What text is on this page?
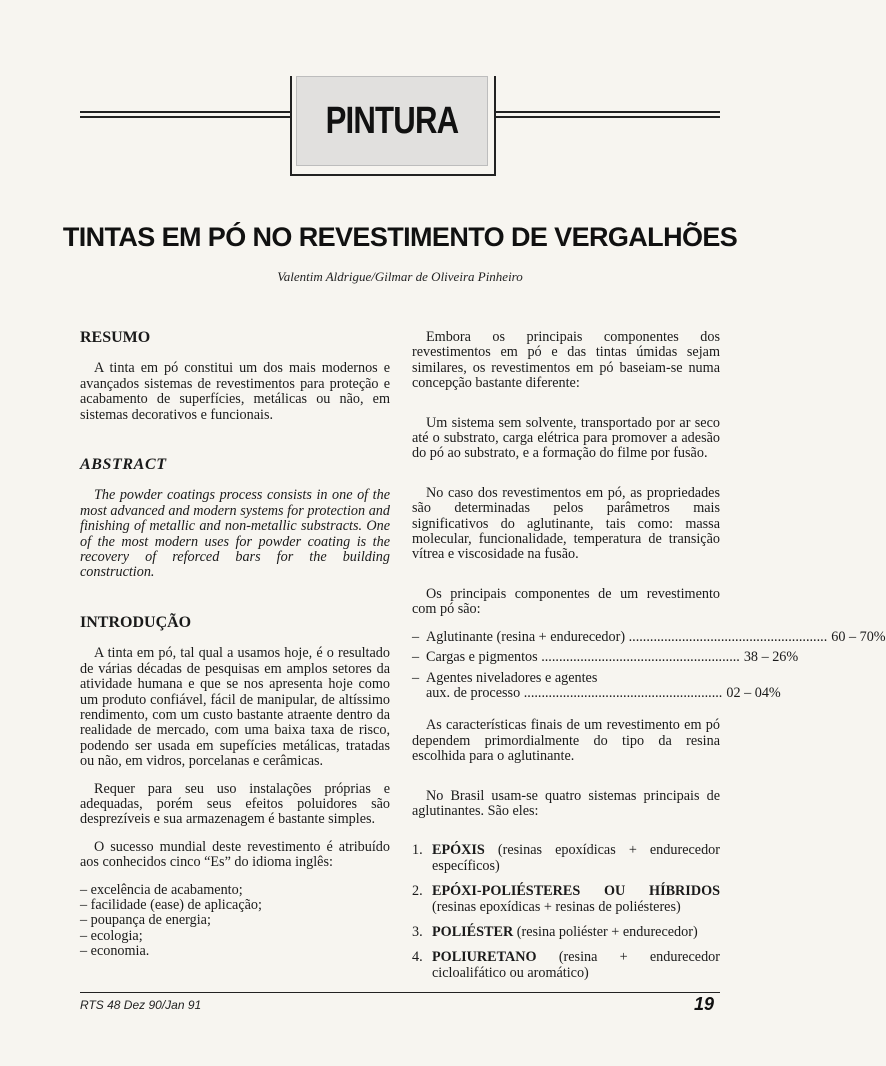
PINTURA
TINTAS EM PÓ NO REVESTIMENTO DE VERGALHÕES
Valentim Aldrigue/Gilmar de Oliveira Pinheiro
RESUMO

A tinta em pó constitui um dos mais modernos e avançados sistemas de revestimentos para proteção e acabamento de superfícies, metálicas ou não, em sistemas decorativos e funcionais.

ABSTRACT

The powder coatings process consists in one of the most advanced and modern systems for protection and finishing of metallic and non-metallic substracts. One of the most modern uses for powder coating is the recovery of reforced bars for the building construction.

INTRODUÇÃO

A tinta em pó, tal qual a usamos hoje, é o resultado de várias décadas de pesquisas em amplos setores da atividade humana e que se nos apresenta hoje como um produto confiável, fácil de manipular, de altíssimo rendimento, com um custo bastante atraente dentro da realidade de mercado, com uma baixa taxa de risco, podendo ser usada em supefícies metálicas, tratadas ou não, em vidros, porcelanas e cerâmicas.

Requer para seu uso instalações próprias e adequadas, porém seus efeitos poluidores são desprezíveis e sua armazenagem é bastante simples.

O sucesso mundial deste revestimento é atribuído aos conhecidos cinco “Es” do idioma inglês:

– excelência de acabamento;
– facilidade (ease) de aplicação;
– poupança de energia;
– ecologia;
– economia.

Embora os principais componentes dos revestimentos em pó e das tintas úmidas sejam similares, os revestimentos em pó baseiam-se numa concepção bastante diferente:

Um sistema sem solvente, transportado por ar seco até o substrato, carga elétrica para promover a adesão do pó ao substrato, e a formação do filme por fusão.

No caso dos revestimentos em pó, as propriedades são determinadas pelos parâmetros mais significativos do aglutinante, tais como: massa molecular, funcionalidade, temperatura de transição vítrea e viscosidade na fusão.

Os principais componentes de um revestimento com pó são:

– Aglutinante (resina + endurecedor) .....	60 – 70%
– Cargas e pigmentos .....	38 – 26%
– Agentes niveladores e agentes
aux. de processo .....	02 – 04%

As características finais de um revestimento em pó dependem primordialmente do tipo da resina escolhida para o aglutinante.

No Brasil usam-se quatro sistemas principais de aglutinantes. São eles:

1. EPÓXIS (resinas epoxídicas + endurecedor específicos)
2. EPÓXI-POLIÉSTERES OU HÍBRIDOS (resinas epoxídicas + resinas de poliésteres)
3. POLIÉSTER (resina poliéster + endurecedor)
4. POLIURETANO (resina + endurecedor cicloalifático ou aromático)
RTS 48 Dez 90/Jan 91	19
